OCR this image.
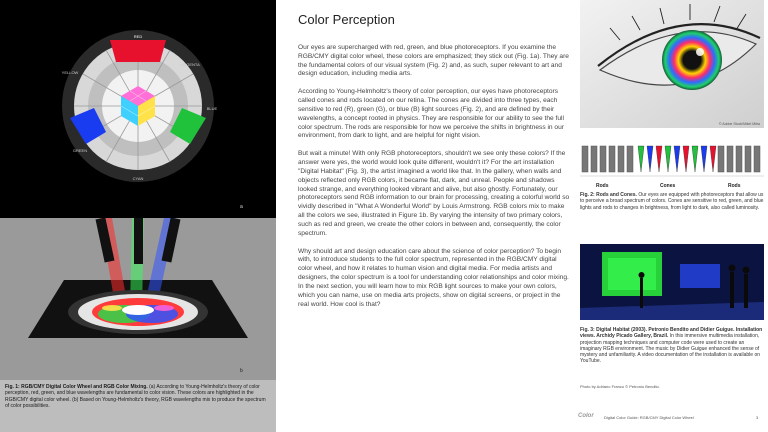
RED
MAGENTA
BLUE
CYAN
GREEN
YELLOW
a
b
Fig. 1: RGB/CMY Digital Color Wheel and RGB Color Mixing. (a) According to Young-Helmholtz's theory of color perception, red, green, and blue wavelengths are fundamental to color vision. These colors are highlighted in the RGB/CMY digital color wheel. (b) Based on Young-Helmholtz's theory, RGB wavelengths mix to produce the spectrum of color possibilities.
Color Perception

Our eyes are supercharged with red, green, and blue photoreceptors. If you examine the RGB/CMY digital color wheel, these colors are emphasized; they stick out (Fig. 1a). They are the fundamental colors of our visual system (Fig. 2) and, as such, super relevant to art and design education, including media arts.

According to Young-Helmholtz's theory of color perception, our eyes have photoreceptors called cones and rods located on our retina. The cones are divided into three types, each sensitive to red (R), green (G), or blue (B) light sources (Fig. 2), and are defined by their wavelengths, a concept rooted in physics. They are responsible for our ability to see the full color spectrum. The rods are responsible for how we perceive the shifts in brightness in our environment, from dark to light, and are helpful for night vision.

But wait a minute! With only RGB photoreceptors, shouldn't we see only these colors? If the answer were yes, the world would look quite different, wouldn't it? For the art installation "Digital Habitat" (Fig. 3), the artist imagined a world like that. In the gallery, when walls and objects reflected only RGB colors, it became flat, dark, and unreal. People and shadows looked strange, and everything looked vibrant and alive, but also ghostly. Fortunately, our photoreceptors send RGB information to our brain for processing, creating a colorful world so vividly described in "What A Wonderful World" by Louis Armstrong. RGB colors mix to make all the colors we see, illustrated in Figure 1b. By varying the intensity of two primary colors, such as red and green, we create the other colors in between and, consequently, the color spectrum.

Why should art and design education care about the science of color perception? To begin with, to introduce students to the full color spectrum, represented in the RGB/CMY digital color wheel, and how it relates to human vision and digital media. For media artists and designers, the color spectrum is a tool for understanding color relationships and color mixing. In the next section, you will learn how to mix RGB light sources to make your own colors, which you can name, use on media arts projects, show on digital screens, or project in the real world. How cool is that?

© Adobe Stock/Mikel Mitra
Rods	Cones	Rods
Fig. 2: Rods and Cones. Our eyes are equipped with photoreceptors that allow us to perceive a broad spectrum of colors. Cones are sensitive to red, green, and blue lights and rods to changes in brightness, from light to dark, also called luminosity.
Fig. 3: Digital Habitat (2003). Petronio Bendito and Didier Guigue. Installation views. Archidy Picado Gallery, Brazil. In this immersive multimedia installation, projection mapping techniques and computer code were used to create an imaginary RGB environment. The music by Didier Guigue enhanced the sense of mystery and unfamiliarity. A video documentation of the installation is available on YouTube.
Photo by Adriano Franco © Petronio Bendito.
Color	Digital Color Guide: RGB/CMY Digital Color Wheel	3
